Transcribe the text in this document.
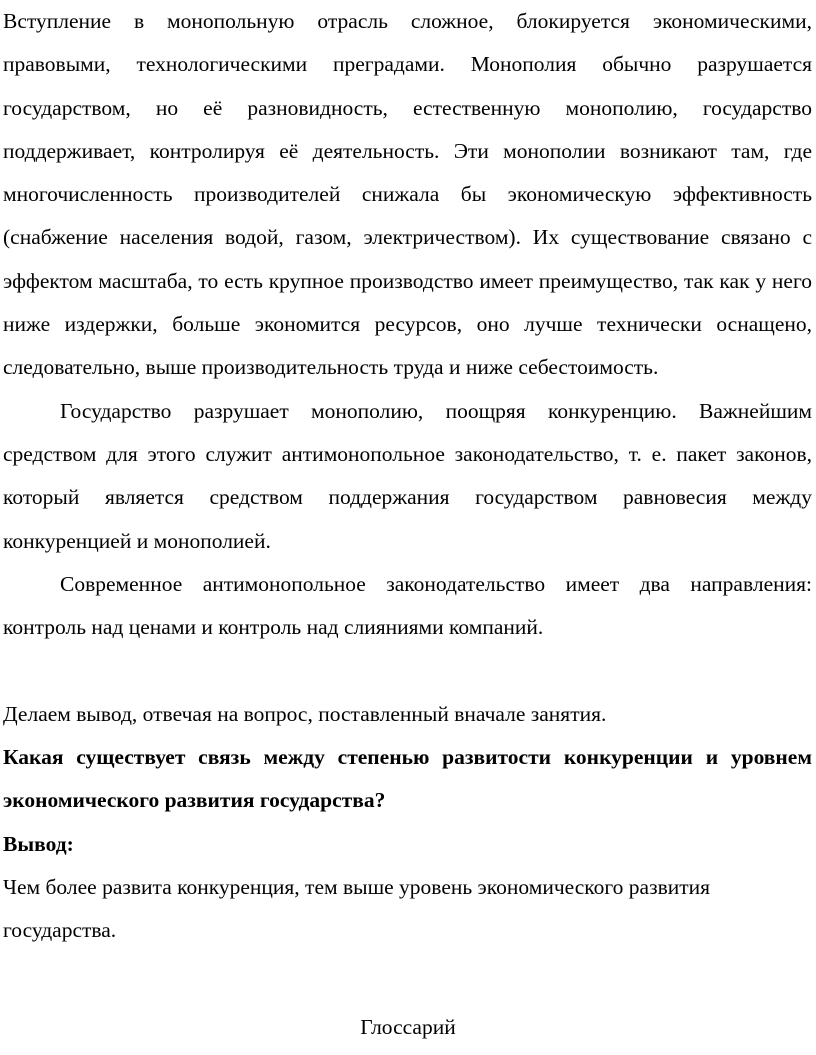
Вступление в монопольную отрасль сложное, блокируется экономическими, правовыми, технологическими преградами. Монополия обычно разрушается государством, но её разновидность, естественную монополию, государство поддерживает, контролируя её деятельность. Эти монополии возникают там, где многочисленность производителей снижала бы экономическую эффективность (снабжение населения водой, газом, электричеством). Их существование связано с эффектом масштаба, то есть крупное производство имеет преимущество, так как у него ниже издержки, больше экономится ресурсов, оно лучше технически оснащено, следовательно, выше производительность труда и ниже себестоимость.

Государство разрушает монополию, поощряя конкуренцию. Важнейшим средством для этого служит антимонопольное законодательство, т. е. пакет законов, который является средством поддержания государством равновесия между конкуренцией и монополией.

Современное антимонопольное законодательство имеет два направления: контроль над ценами и контроль над слияниями компаний.

Делаем вывод, отвечая на вопрос, поставленный вначале занятия.

Какая существует связь между степенью развитости конкуренции и уровнем экономического развития государства?

Вывод:

Чем более развита конкуренция, тем выше уровень экономического развития государства.

Глоссарий
